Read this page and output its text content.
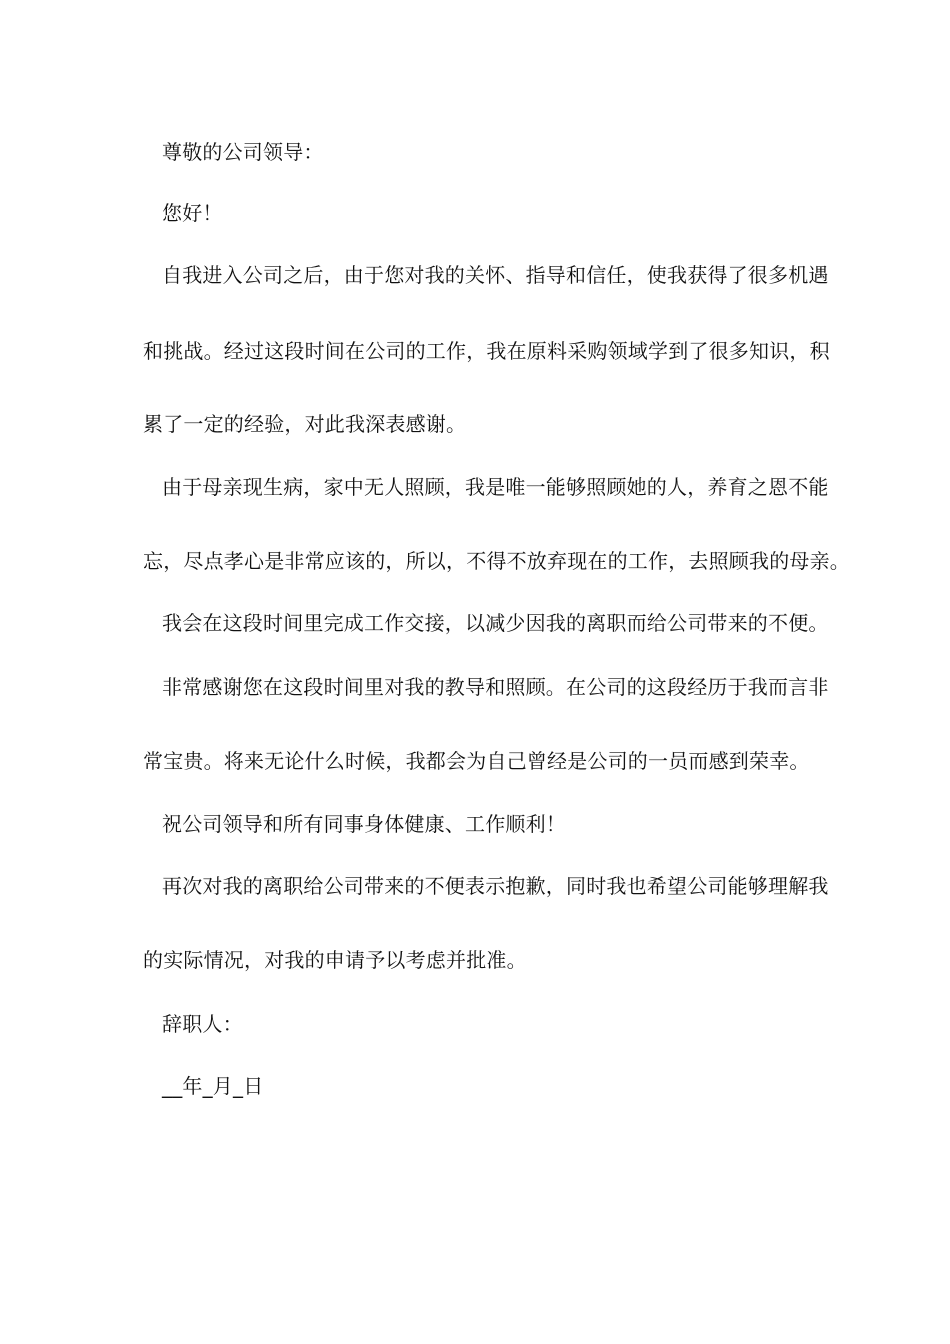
尊敬的公司领导：
您好！
自我进入公司之后，由于您对我的关怀、指导和信任，使我获得了很多机遇
和挑战。经过这段时间在公司的工作，我在原料采购领域学到了很多知识，积
累了一定的经验，对此我深表感谢。
由于母亲现生病，家中无人照顾，我是唯一能够照顾她的人，养育之恩不能
忘，尽点孝心是非常应该的，所以，不得不放弃现在的工作，去照顾我的母亲。
我会在这段时间里完成工作交接，以减少因我的离职而给公司带来的不便。
非常感谢您在这段时间里对我的教导和照顾。在公司的这段经历于我而言非
常宝贵。将来无论什么时候，我都会为自己曾经是公司的一员而感到荣幸。
祝公司领导和所有同事身体健康、工作顺利！
再次对我的离职给公司带来的不便表示抱歉，同时我也希望公司能够理解我
的实际情况，对我的申请予以考虑并批准。
辞职人：
__年_月_日
